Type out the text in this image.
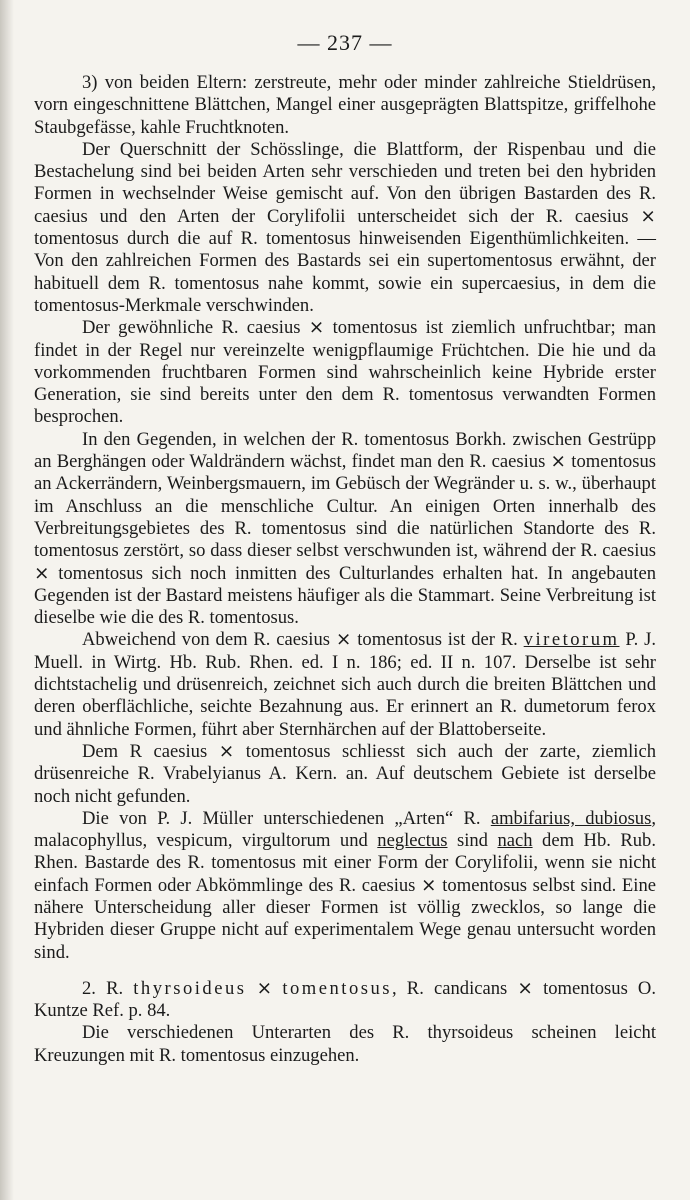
— 237 —

3) von beiden Eltern: zerstreute, mehr oder minder zahlreiche Stieldrüsen, vorn eingeschnittene Blättchen, Mangel einer ausgeprägten Blattspitze, griffelhohe Staubgefässe, kahle Fruchtknoten.

Der Querschnitt der Schösslinge, die Blattform, der Rispenbau und die Bestachelung sind bei beiden Arten sehr verschieden und treten bei den hybriden Formen in wechselnder Weise gemischt auf. Von den übrigen Bastarden des R. caesius und den Arten der Corylifolii unterscheidet sich der R. caesius ⨯ tomentosus durch die auf R. tomentosus hinweisenden Eigenthümlichkeiten. — Von den zahlreichen Formen des Bastards sei ein supertomentosus erwähnt, der habituell dem R. tomentosus nahe kommt, sowie ein supercaesius, in dem die tomentosus-Merkmale verschwinden.

Der gewöhnliche R. caesius ⨯ tomentosus ist ziemlich unfruchtbar; man findet in der Regel nur vereinzelte wenigpflaumige Früchtchen. Die hie und da vorkommenden fruchtbaren Formen sind wahrscheinlich keine Hybride erster Generation, sie sind bereits unter den dem R. tomentosus verwandten Formen besprochen.

In den Gegenden, in welchen der R. tomentosus Borkh. zwischen Gestrüpp an Berghängen oder Waldrändern wächst, findet man den R. caesius ⨯ tomentosus an Ackerrändern, Weinbergsmauern, im Gebüsch der Wegränder u. s. w., überhaupt im Anschluss an die menschliche Cultur. An einigen Orten innerhalb des Verbreitungsgebietes des R. tomentosus sind die natürlichen Standorte des R. tomentosus zerstört, so dass dieser selbst verschwunden ist, während der R. caesius ⨯ tomentosus sich noch inmitten des Culturlandes erhalten hat. In angebauten Gegenden ist der Bastard meistens häufiger als die Stammart. Seine Verbreitung ist dieselbe wie die des R. tomentosus.

Abweichend von dem R. caesius ⨯ tomentosus ist der R. viretorum P. J. Muell. in Wirtg. Hb. Rub. Rhen. ed. I n. 186; ed. II n. 107. Derselbe ist sehr dichtstachelig und drüsenreich, zeichnet sich auch durch die breiten Blättchen und deren oberflächliche, seichte Bezahnung aus. Er erinnert an R. dumetorum ferox und ähnliche Formen, führt aber Sternhärchen auf der Blattoberseite.

Dem R caesius ⨯ tomentosus schliesst sich auch der zarte, ziemlich drüsenreiche R. Vrabelyianus A. Kern. an. Auf deutschem Gebiete ist derselbe noch nicht gefunden.

Die von P. J. Müller unterschiedenen „Arten“ R. ambifarius, dubiosus, malacophyllus, vespicum, virgultorum und neglectus sind nach dem Hb. Rub. Rhen. Bastarde des R. tomentosus mit einer Form der Corylifolii, wenn sie nicht einfach Formen oder Abkömmlinge des R. caesius ⨯ tomentosus selbst sind. Eine nähere Unterscheidung aller dieser Formen ist völlig zwecklos, so lange die Hybriden dieser Gruppe nicht auf experimentalem Wege genau untersucht worden sind.

2. R. thyrsoideus ⨯ tomentosus, R. candicans ⨯ tomentosus O. Kuntze Ref. p. 84.

Die verschiedenen Unterarten des R. thyrsoideus scheinen leicht Kreuzungen mit R. tomentosus einzugehen.
